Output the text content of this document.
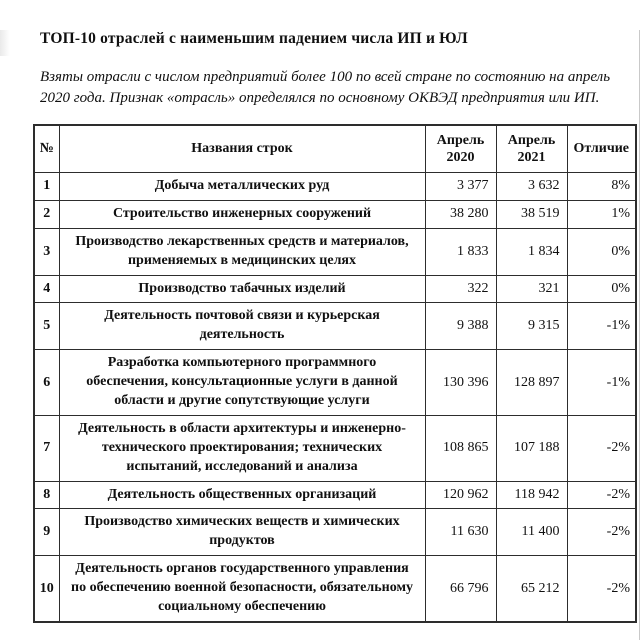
ТОП-10 отраслей с наименьшим падением числа ИП и ЮЛ
Взяты отрасли с числом предприятий более 100 по всей стране по состоянию на апрель 2020 года. Признак «отрасль» определялся по основному ОКВЭД предприятия или ИП.
№	Названия строк	Апрель 2020	Апрель 2021	Отличие
1	Добыча металлических руд	3 377	3 632	8%
2	Строительство инженерных сооружений	38 280	38 519	1%
3	Производство лекарственных средств и материалов, применяемых в медицинских целях	1 833	1 834	0%
4	Производство табачных изделий	322	321	0%
5	Деятельность почтовой связи и курьерская деятельность	9 388	9 315	-1%
6	Разработка компьютерного программного обеспечения, консультационные услуги в данной области и другие сопутствующие услуги	130 396	128 897	-1%
7	Деятельность в области архитектуры и инженерно-технического проектирования; технических испытаний, исследований и анализа	108 865	107 188	-2%
8	Деятельность общественных организаций	120 962	118 942	-2%
9	Производство химических веществ и химических продуктов	11 630	11 400	-2%
10	Деятельность органов государственного управления по обеспечению военной безопасности, обязательному социальному обеспечению	66 796	65 212	-2%
